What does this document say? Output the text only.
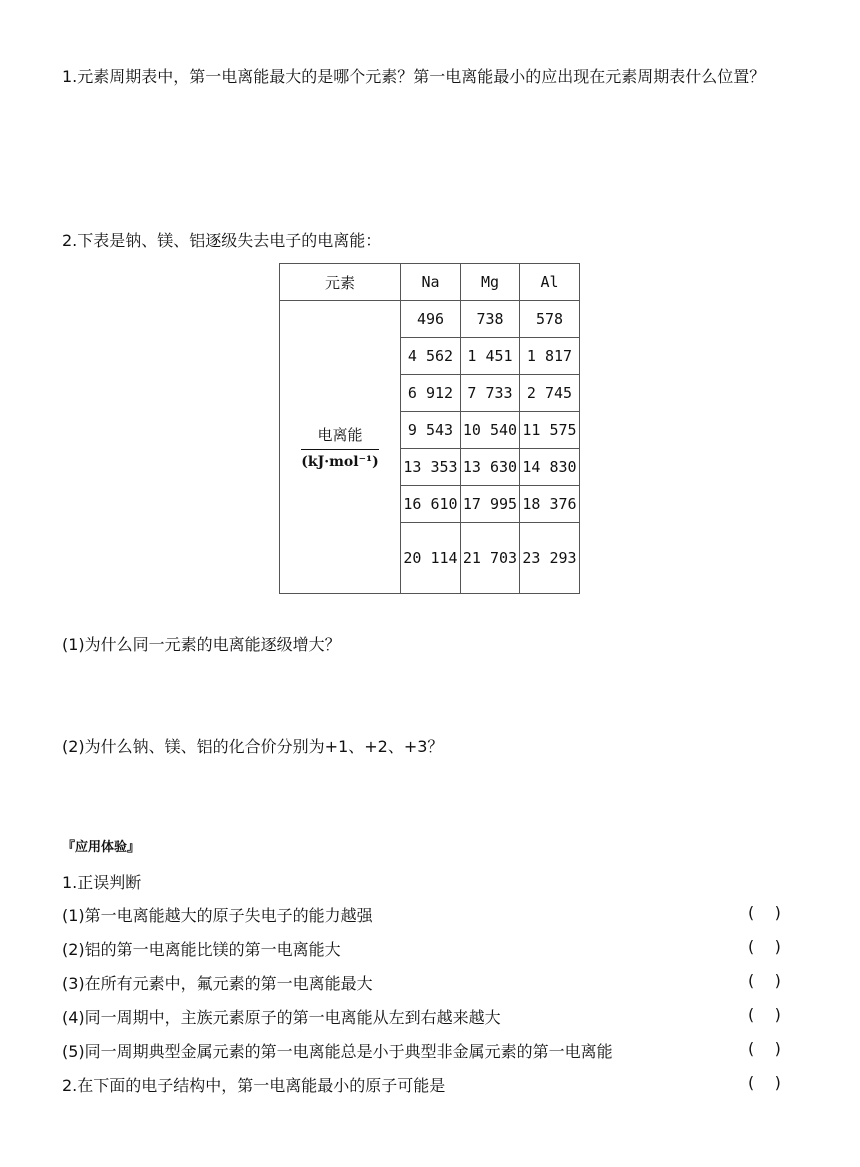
1.元素周期表中，第一电离能最大的是哪个元素？第一电离能最小的应出现在元素周期表什么位置？
2.下表是钠、镁、铝逐级失去电子的电离能：
元素	Na	Mg	Al

电离能
(kJ·mol⁻¹)	496	738	578
	4 562	1 451	1 817
	6 912	7 733	2 745
	9 543	10 540	11 575
	13 353	13 630	14 830
	16 610	17 995	18 376
	20 114	21 703	23 293
(1)为什么同一元素的电离能逐级增大？
(2)为什么钠、镁、铝的化合价分别为+1、+2、+3？
『应用体验』
1.正误判断
(1)第一电离能越大的原子失电子的能力越强	(    )
(2)铝的第一电离能比镁的第一电离能大	(    )
(3)在所有元素中，氟元素的第一电离能最大	(    )
(4)同一周期中，主族元素原子的第一电离能从左到右越来越大	(    )
(5)同一周期典型金属元素的第一电离能总是小于典型非金属元素的第一电离能	(    )
2.在下面的电子结构中，第一电离能最小的原子可能是	(    )
